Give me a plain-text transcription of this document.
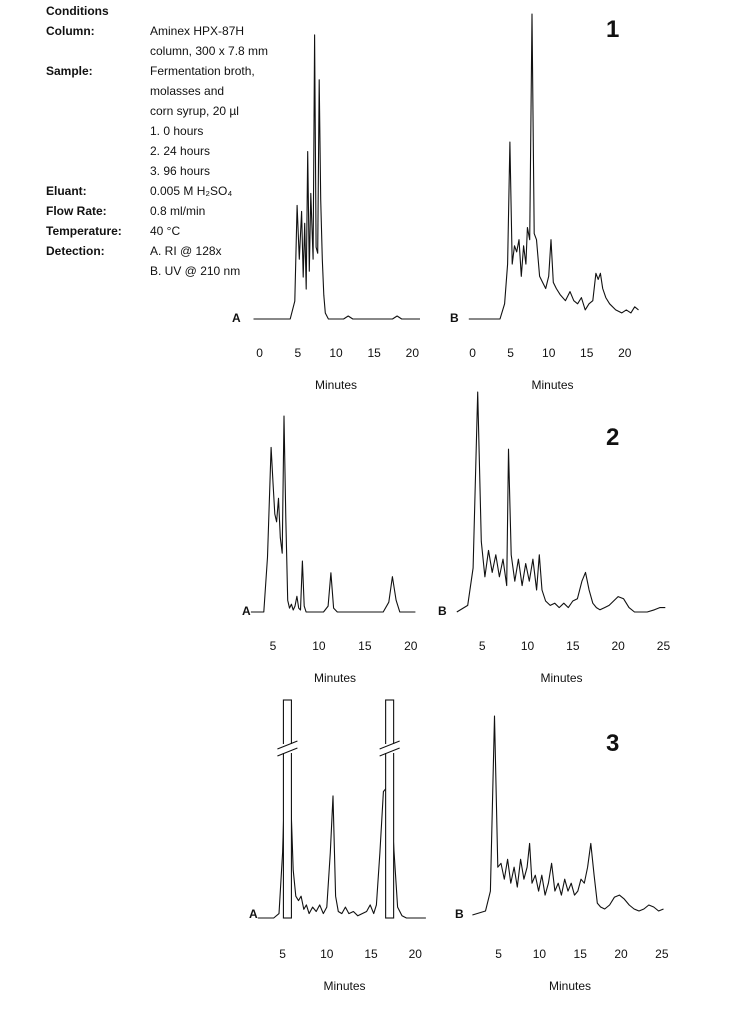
Conditions
Column:	Aminex HPX-87H
column, 300 x 7.8 mm
Sample:	Fermentation broth,
molasses and
corn syrup, 20 µl
1. 0 hours
2. 24 hours
3. 96 hours
Eluant:	0.005 M H₂SO₄
Flow Rate:	0.8 ml/min
Temperature: 40 °C
Detection:	A. RI @ 128x
B. UV @ 210 nm
1
2
3
A
0	5 10 15 20
Minutes
B
0	5 10 15 20
Minutes
A
5	10	15	20
Minutes
B
5	10	15	20	25
Minutes
A
5	10	15	20
Minutes
B
5	10 15 20 25
Minutes
